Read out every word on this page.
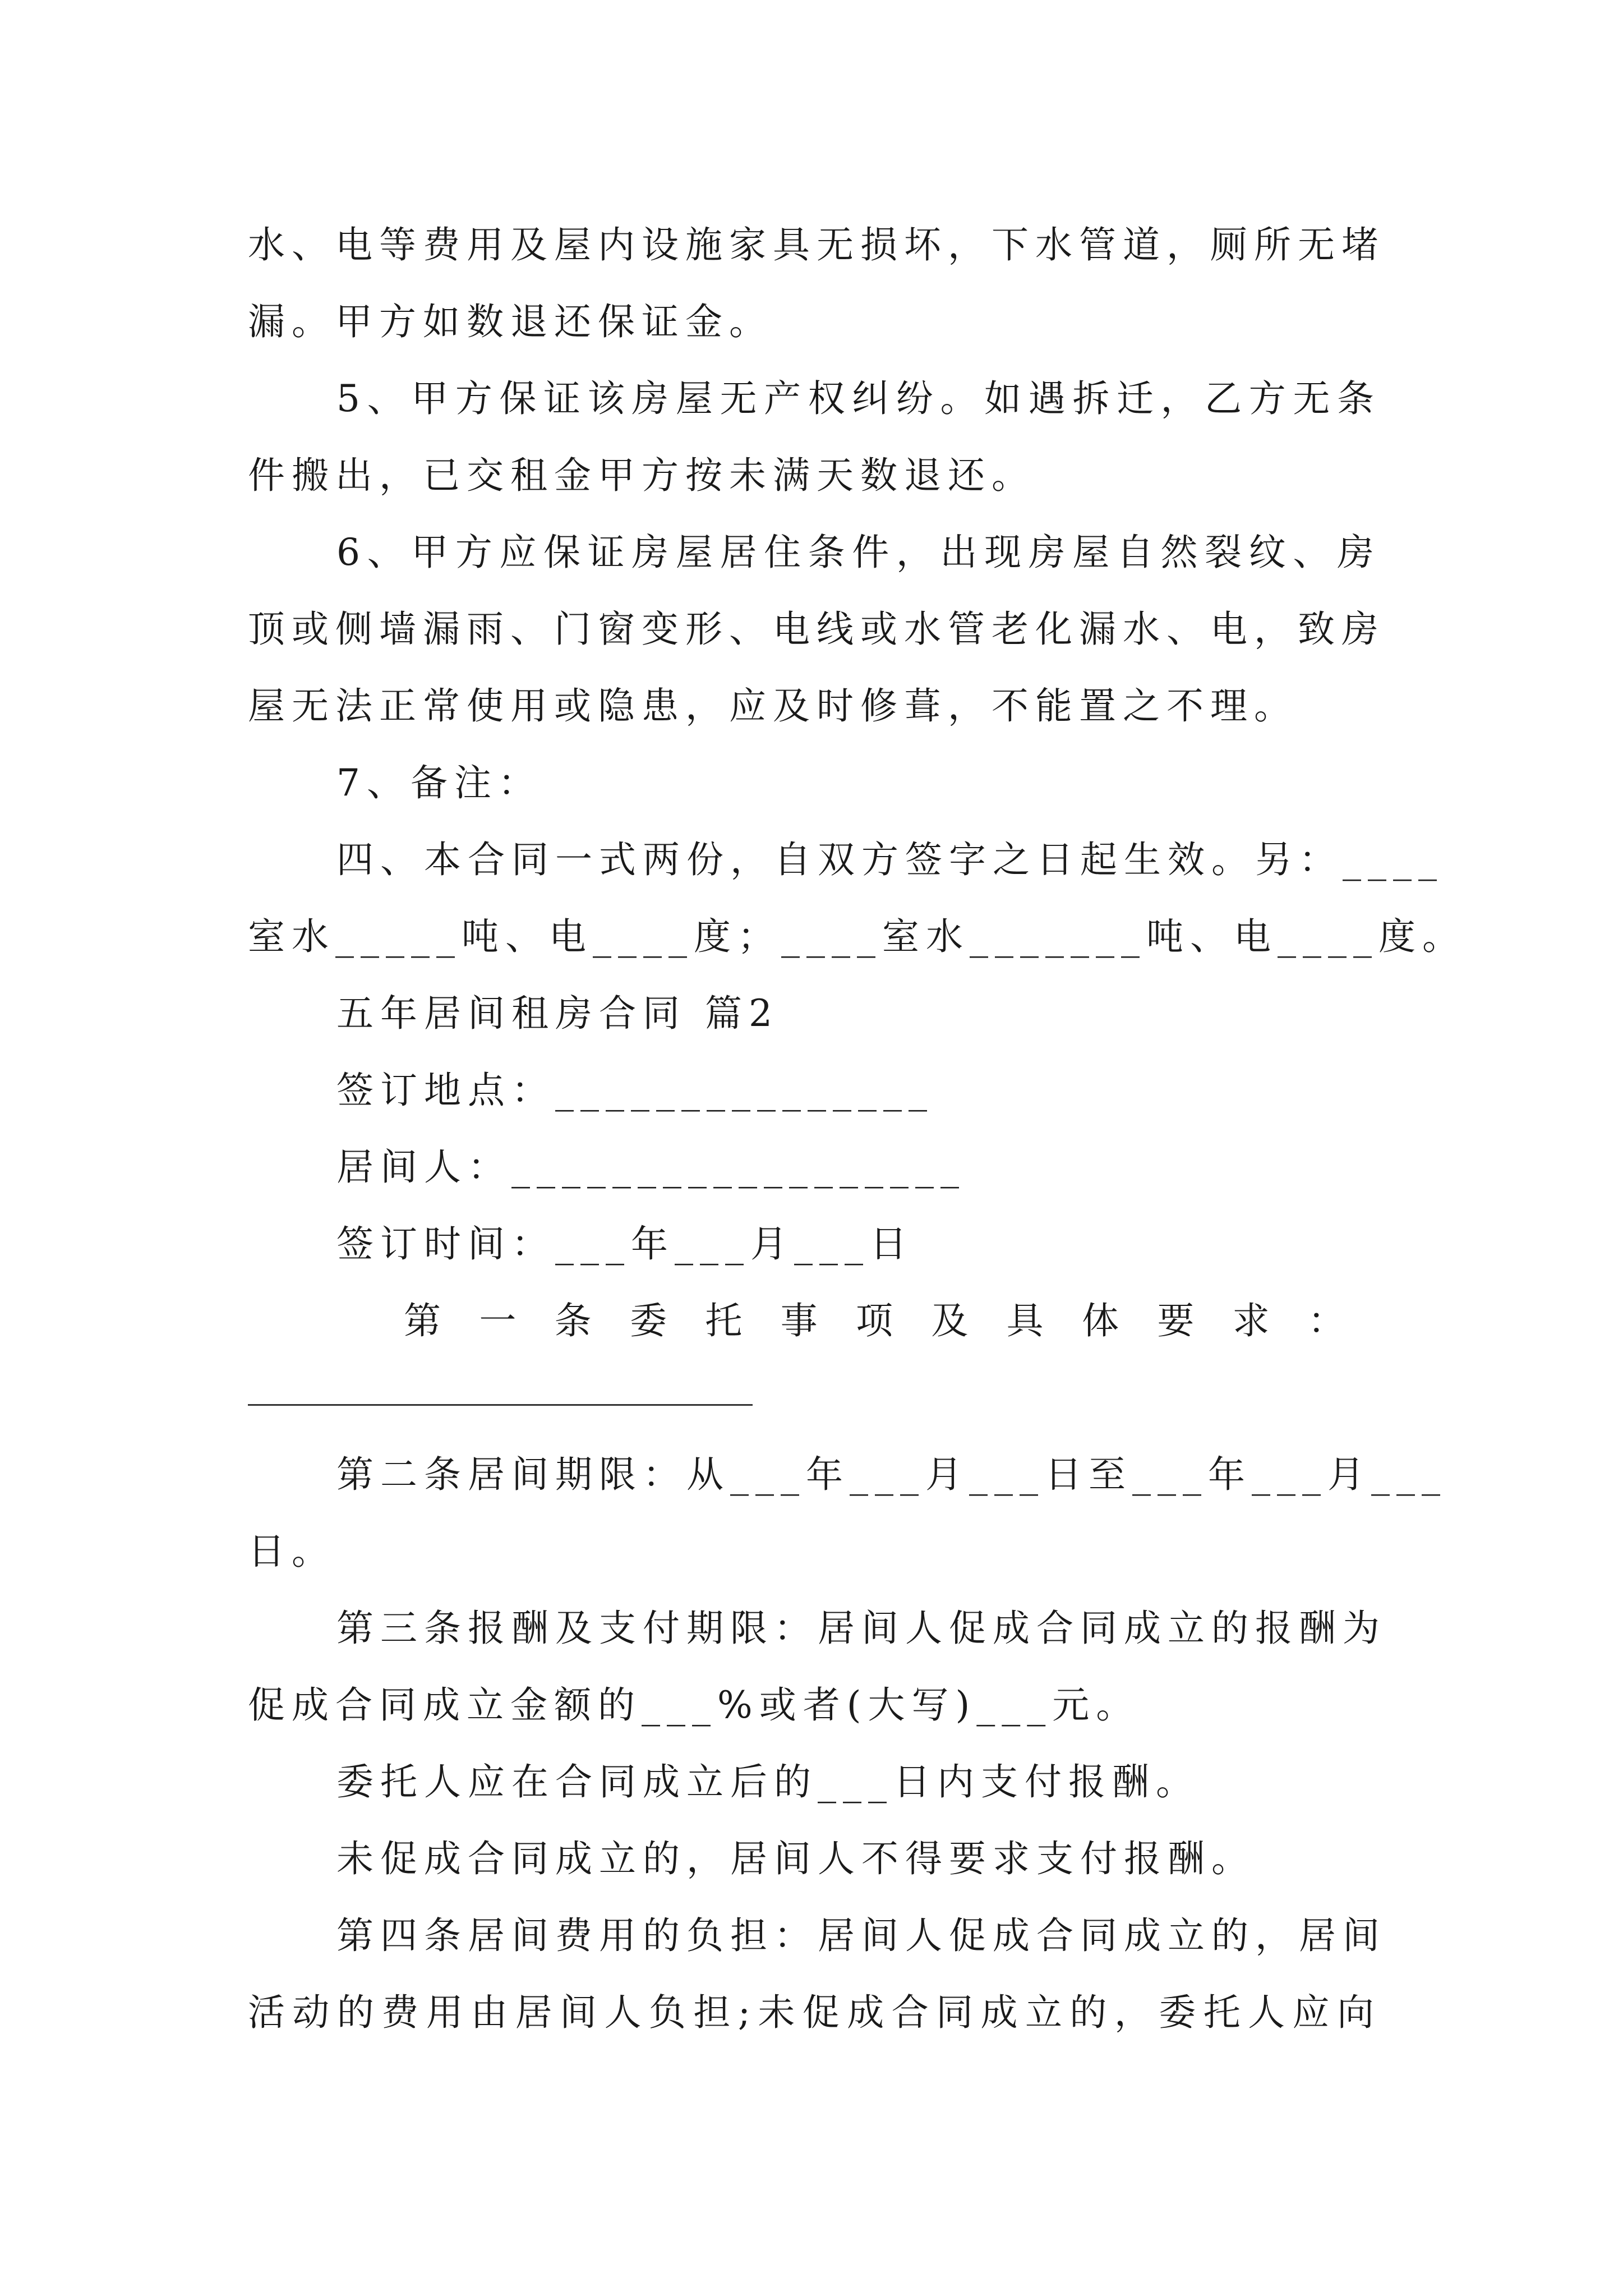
水、电等费用及屋内设施家具无损坏，下水管道，厕所无堵
漏。甲方如数退还保证金。
5、甲方保证该房屋无产权纠纷。如遇拆迁，乙方无条
件搬出，已交租金甲方按未满天数退还。
6、甲方应保证房屋居住条件，出现房屋自然裂纹、房
顶或侧墙漏雨、门窗变形、电线或水管老化漏水、电，致房
屋无法正常使用或隐患，应及时修葺，不能置之不理。
7、备注：
四、本合同一式两份，自双方签字之日起生效。另：____
室水_____吨、电____度；____室水_______吨、电____度。
五年居间租房合同 篇2
签订地点：_______________
居间人：__________________
签订时间：___年___月___日
第一条委托事项及具体要求：
第二条居间期限：从___年___月___日至___年___月___
日。
第三条报酬及支付期限：居间人促成合同成立的报酬为
促成合同成立金额的___%或者(大写)___元。
委托人应在合同成立后的___日内支付报酬。
未促成合同成立的，居间人不得要求支付报酬。
第四条居间费用的负担：居间人促成合同成立的，居间
活动的费用由居间人负担;未促成合同成立的，委托人应向
